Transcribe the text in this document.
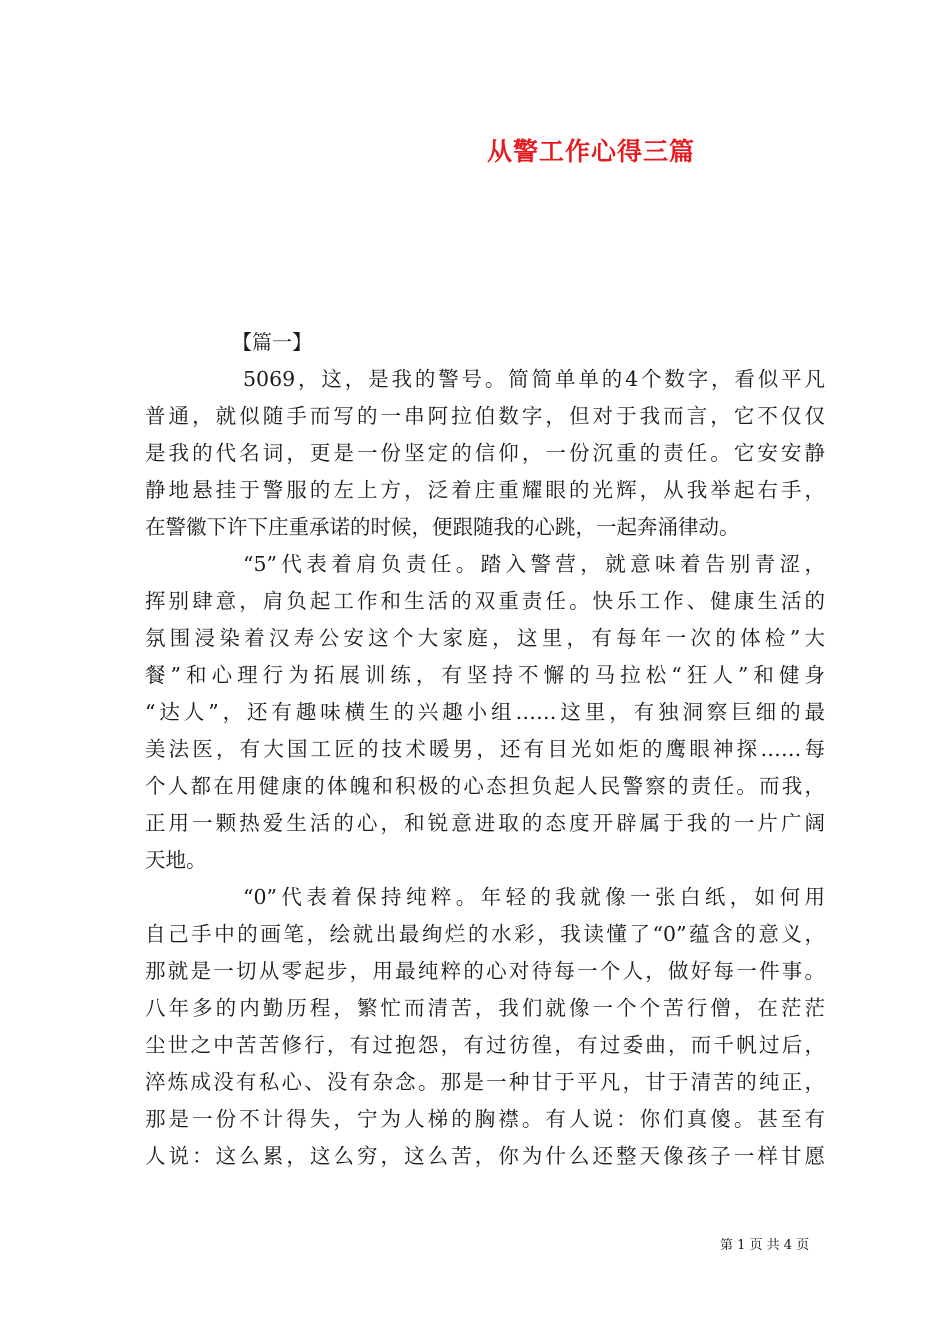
从警工作心得三篇

【篇一】

5069，这，是我的警号。简简单单的4个数字，看似平凡

普通，就似随手而写的一串阿拉伯数字，但对于我而言，它不仅仅

是我的代名词，更是一份坚定的信仰，一份沉重的责任。它安安静

静地悬挂于警服的左上方，泛着庄重耀眼的光辉，从我举起右手，

在警徽下许下庄重承诺的时候，便跟随我的心跳，一起奔涌律动。

“5”代表着肩负责任。踏入警营，就意味着告别青涩，

挥别肆意，肩负起工作和生活的双重责任。快乐工作、健康生活的

氛围浸染着汉寿公安这个大家庭，这里，有每年一次的体检”大

餐”和心理行为拓展训练，有坚持不懈的马拉松“狂人”和健身

“达人”，还有趣味横生的兴趣小组……这里，有独洞察巨细的最

美法医，有大国工匠的技术暖男，还有目光如炬的鹰眼神探……每

个人都在用健康的体魄和积极的心态担负起人民警察的责任。而我，

正用一颗热爱生活的心，和锐意进取的态度开辟属于我的一片广阔

天地。

“0”代表着保持纯粹。年轻的我就像一张白纸，如何用

自己手中的画笔，绘就出最绚烂的水彩，我读懂了“0”蕴含的意义，

那就是一切从零起步，用最纯粹的心对待每一个人，做好每一件事。

八年多的内勤历程，繁忙而清苦，我们就像一个个苦行僧，在茫茫

尘世之中苦苦修行，有过抱怨，有过彷徨，有过委曲，而千帆过后，

淬炼成没有私心、没有杂念。那是一种甘于平凡，甘于清苦的纯正，

那是一份不计得失，宁为人梯的胸襟。有人说：你们真傻。甚至有

人说：这么累，这么穷，这么苦，你为什么还整天像孩子一样甘愿

第 1 页 共 4 页
